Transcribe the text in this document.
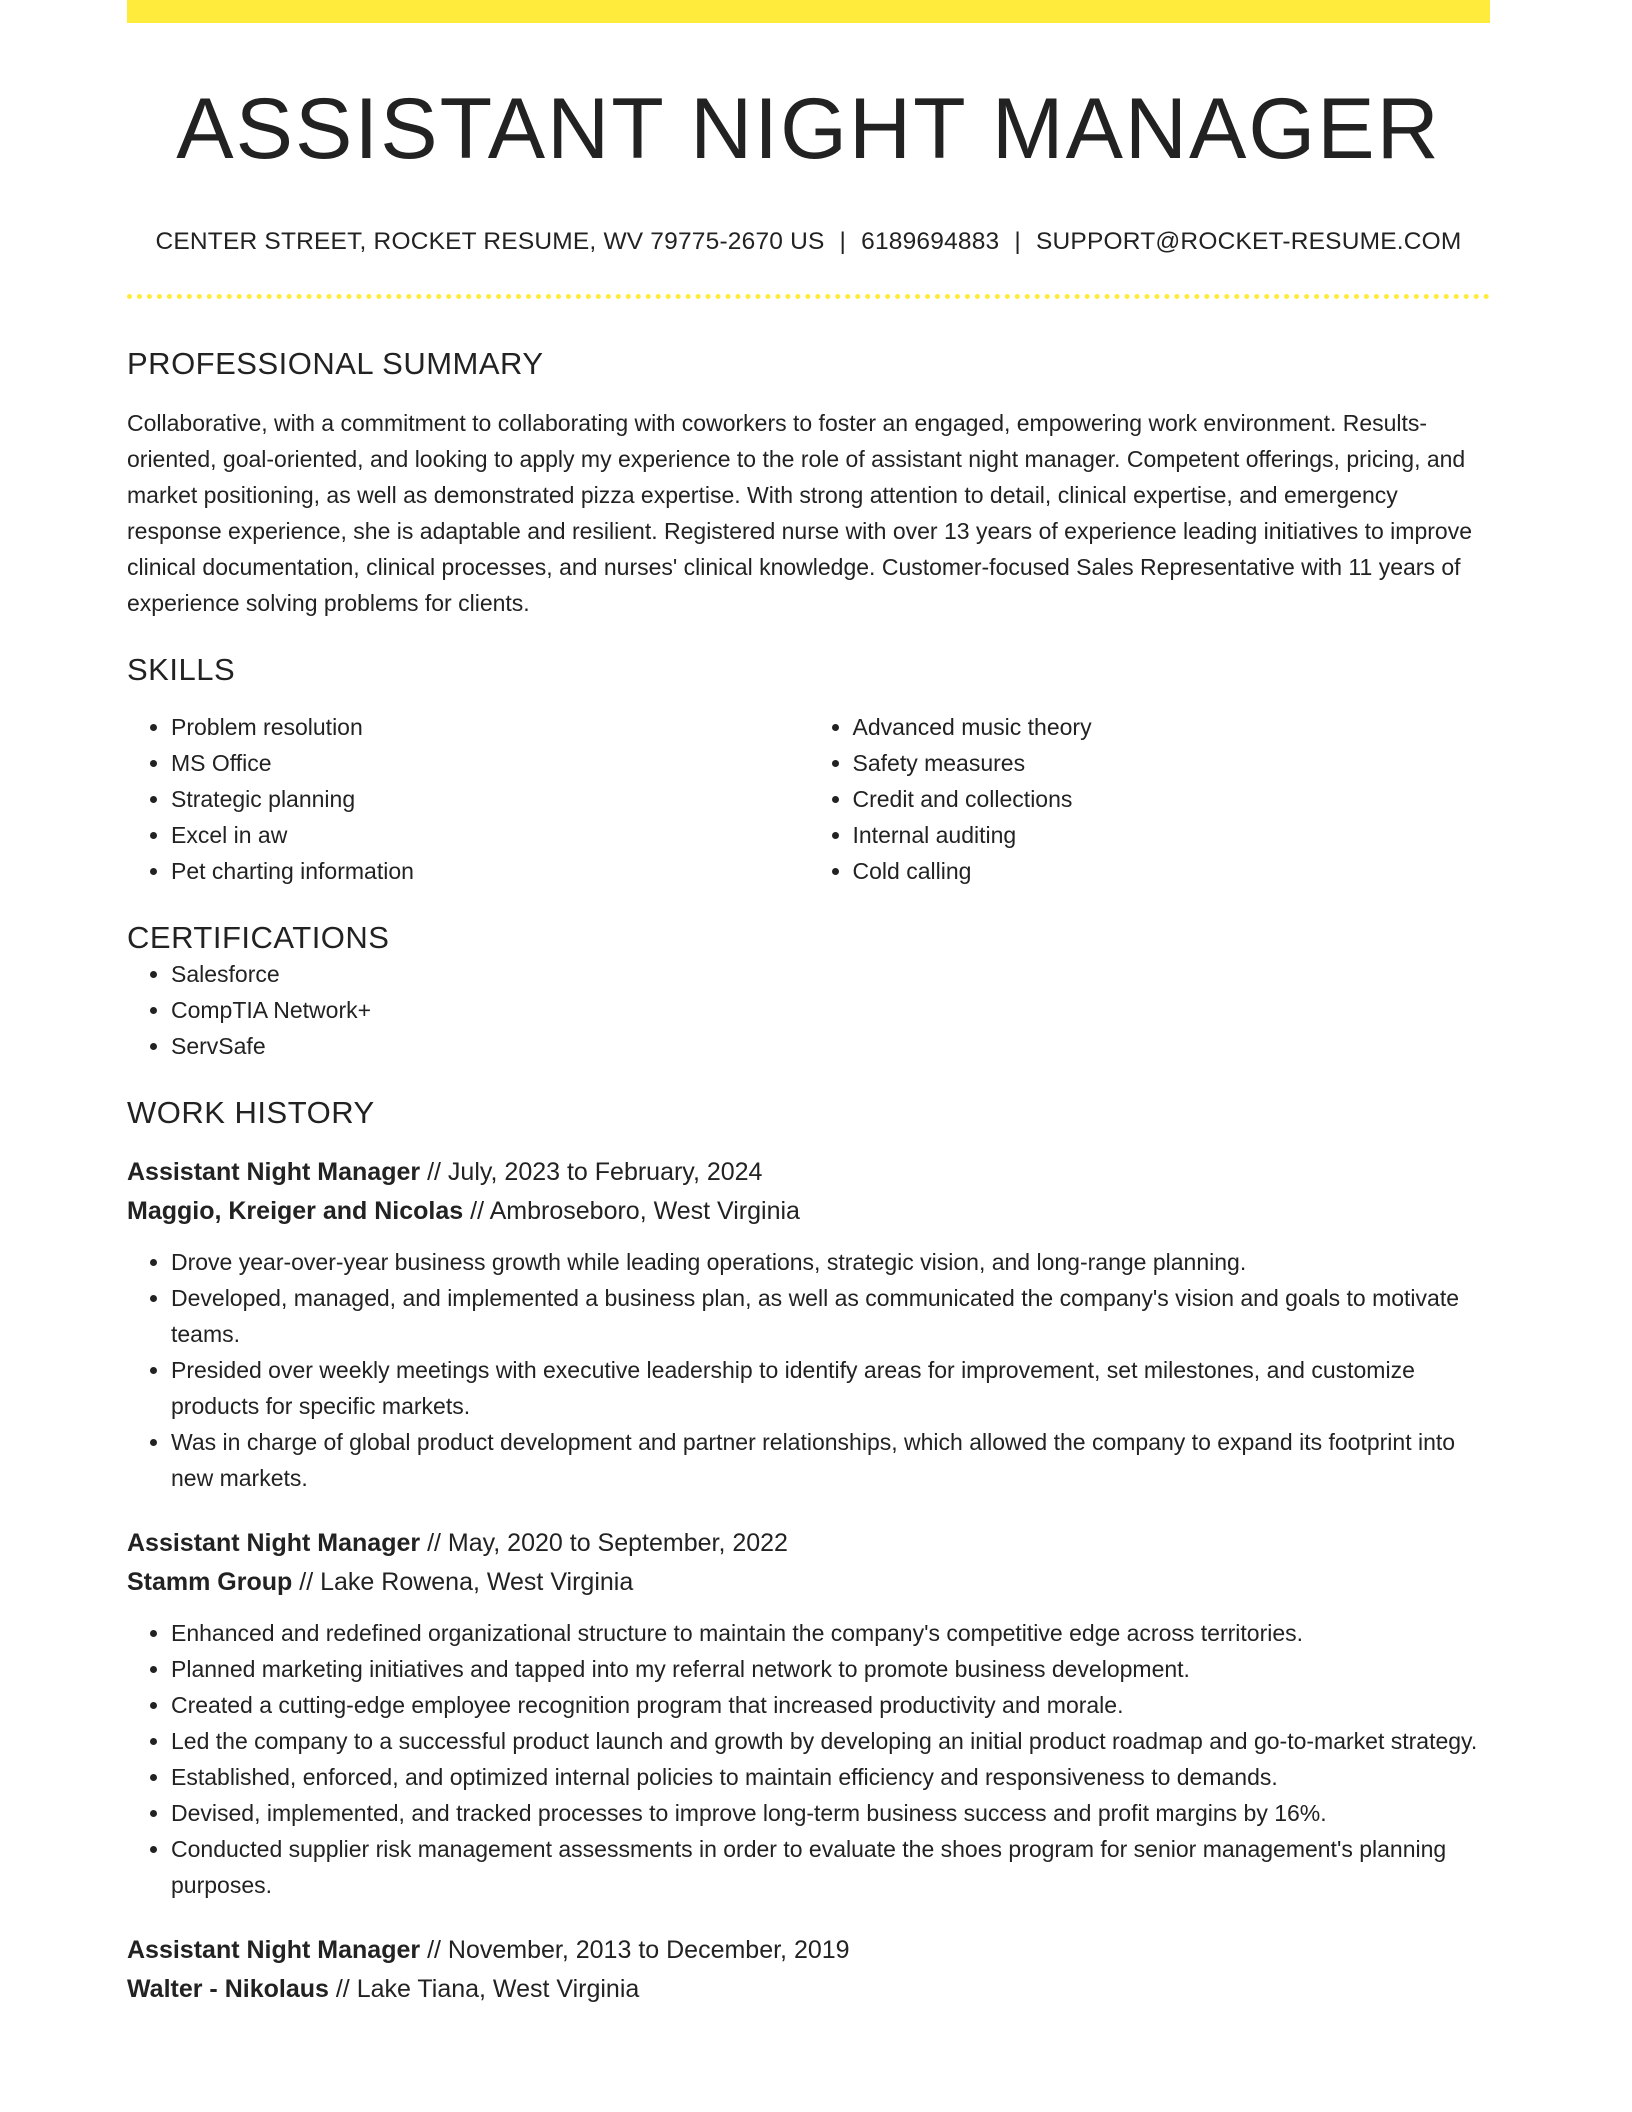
ASSISTANT NIGHT MANAGER
CENTER STREET, ROCKET RESUME, WV 79775-2670 US | 6189694883 | SUPPORT@ROCKET-RESUME.COM
PROFESSIONAL SUMMARY

Collaborative, with a commitment to collaborating with coworkers to foster an engaged, empowering work environment. Results-oriented, goal-oriented, and looking to apply my experience to the role of assistant night manager. Competent offerings, pricing, and market positioning, as well as demonstrated pizza expertise. With strong attention to detail, clinical expertise, and emergency response experience, she is adaptable and resilient. Registered nurse with over 13 years of experience leading initiatives to improve clinical documentation, clinical processes, and nurses' clinical knowledge. Customer-focused Sales Representative with 11 years of experience solving problems for clients.

SKILLS
• Problem resolution
• MS Office
• Strategic planning
• Excel in aw
• Pet charting information
• Advanced music theory
• Safety measures
• Credit and collections
• Internal auditing
• Cold calling
CERTIFICATIONS
• Salesforce
• CompTIA Network+
• ServSafe
WORK HISTORY
Assistant Night Manager // July, 2023 to February, 2024
Maggio, Kreiger and Nicolas // Ambroseboro, West Virginia
• Drove year-over-year business growth while leading operations, strategic vision, and long-range planning.
• Developed, managed, and implemented a business plan, as well as communicated the company's vision and goals to motivate teams.
• Presided over weekly meetings with executive leadership to identify areas for improvement, set milestones, and customize products for specific markets.
• Was in charge of global product development and partner relationships, which allowed the company to expand its footprint into new markets.
Assistant Night Manager // May, 2020 to September, 2022
Stamm Group // Lake Rowena, West Virginia
• Enhanced and redefined organizational structure to maintain the company's competitive edge across territories.
• Planned marketing initiatives and tapped into my referral network to promote business development.
• Created a cutting-edge employee recognition program that increased productivity and morale.
• Led the company to a successful product launch and growth by developing an initial product roadmap and go-to-market strategy.
• Established, enforced, and optimized internal policies to maintain efficiency and responsiveness to demands.
• Devised, implemented, and tracked processes to improve long-term business success and profit margins by 16%.
• Conducted supplier risk management assessments in order to evaluate the shoes program for senior management's planning purposes.
Assistant Night Manager // November, 2013 to December, 2019
Walter - Nikolaus // Lake Tiana, West Virginia
